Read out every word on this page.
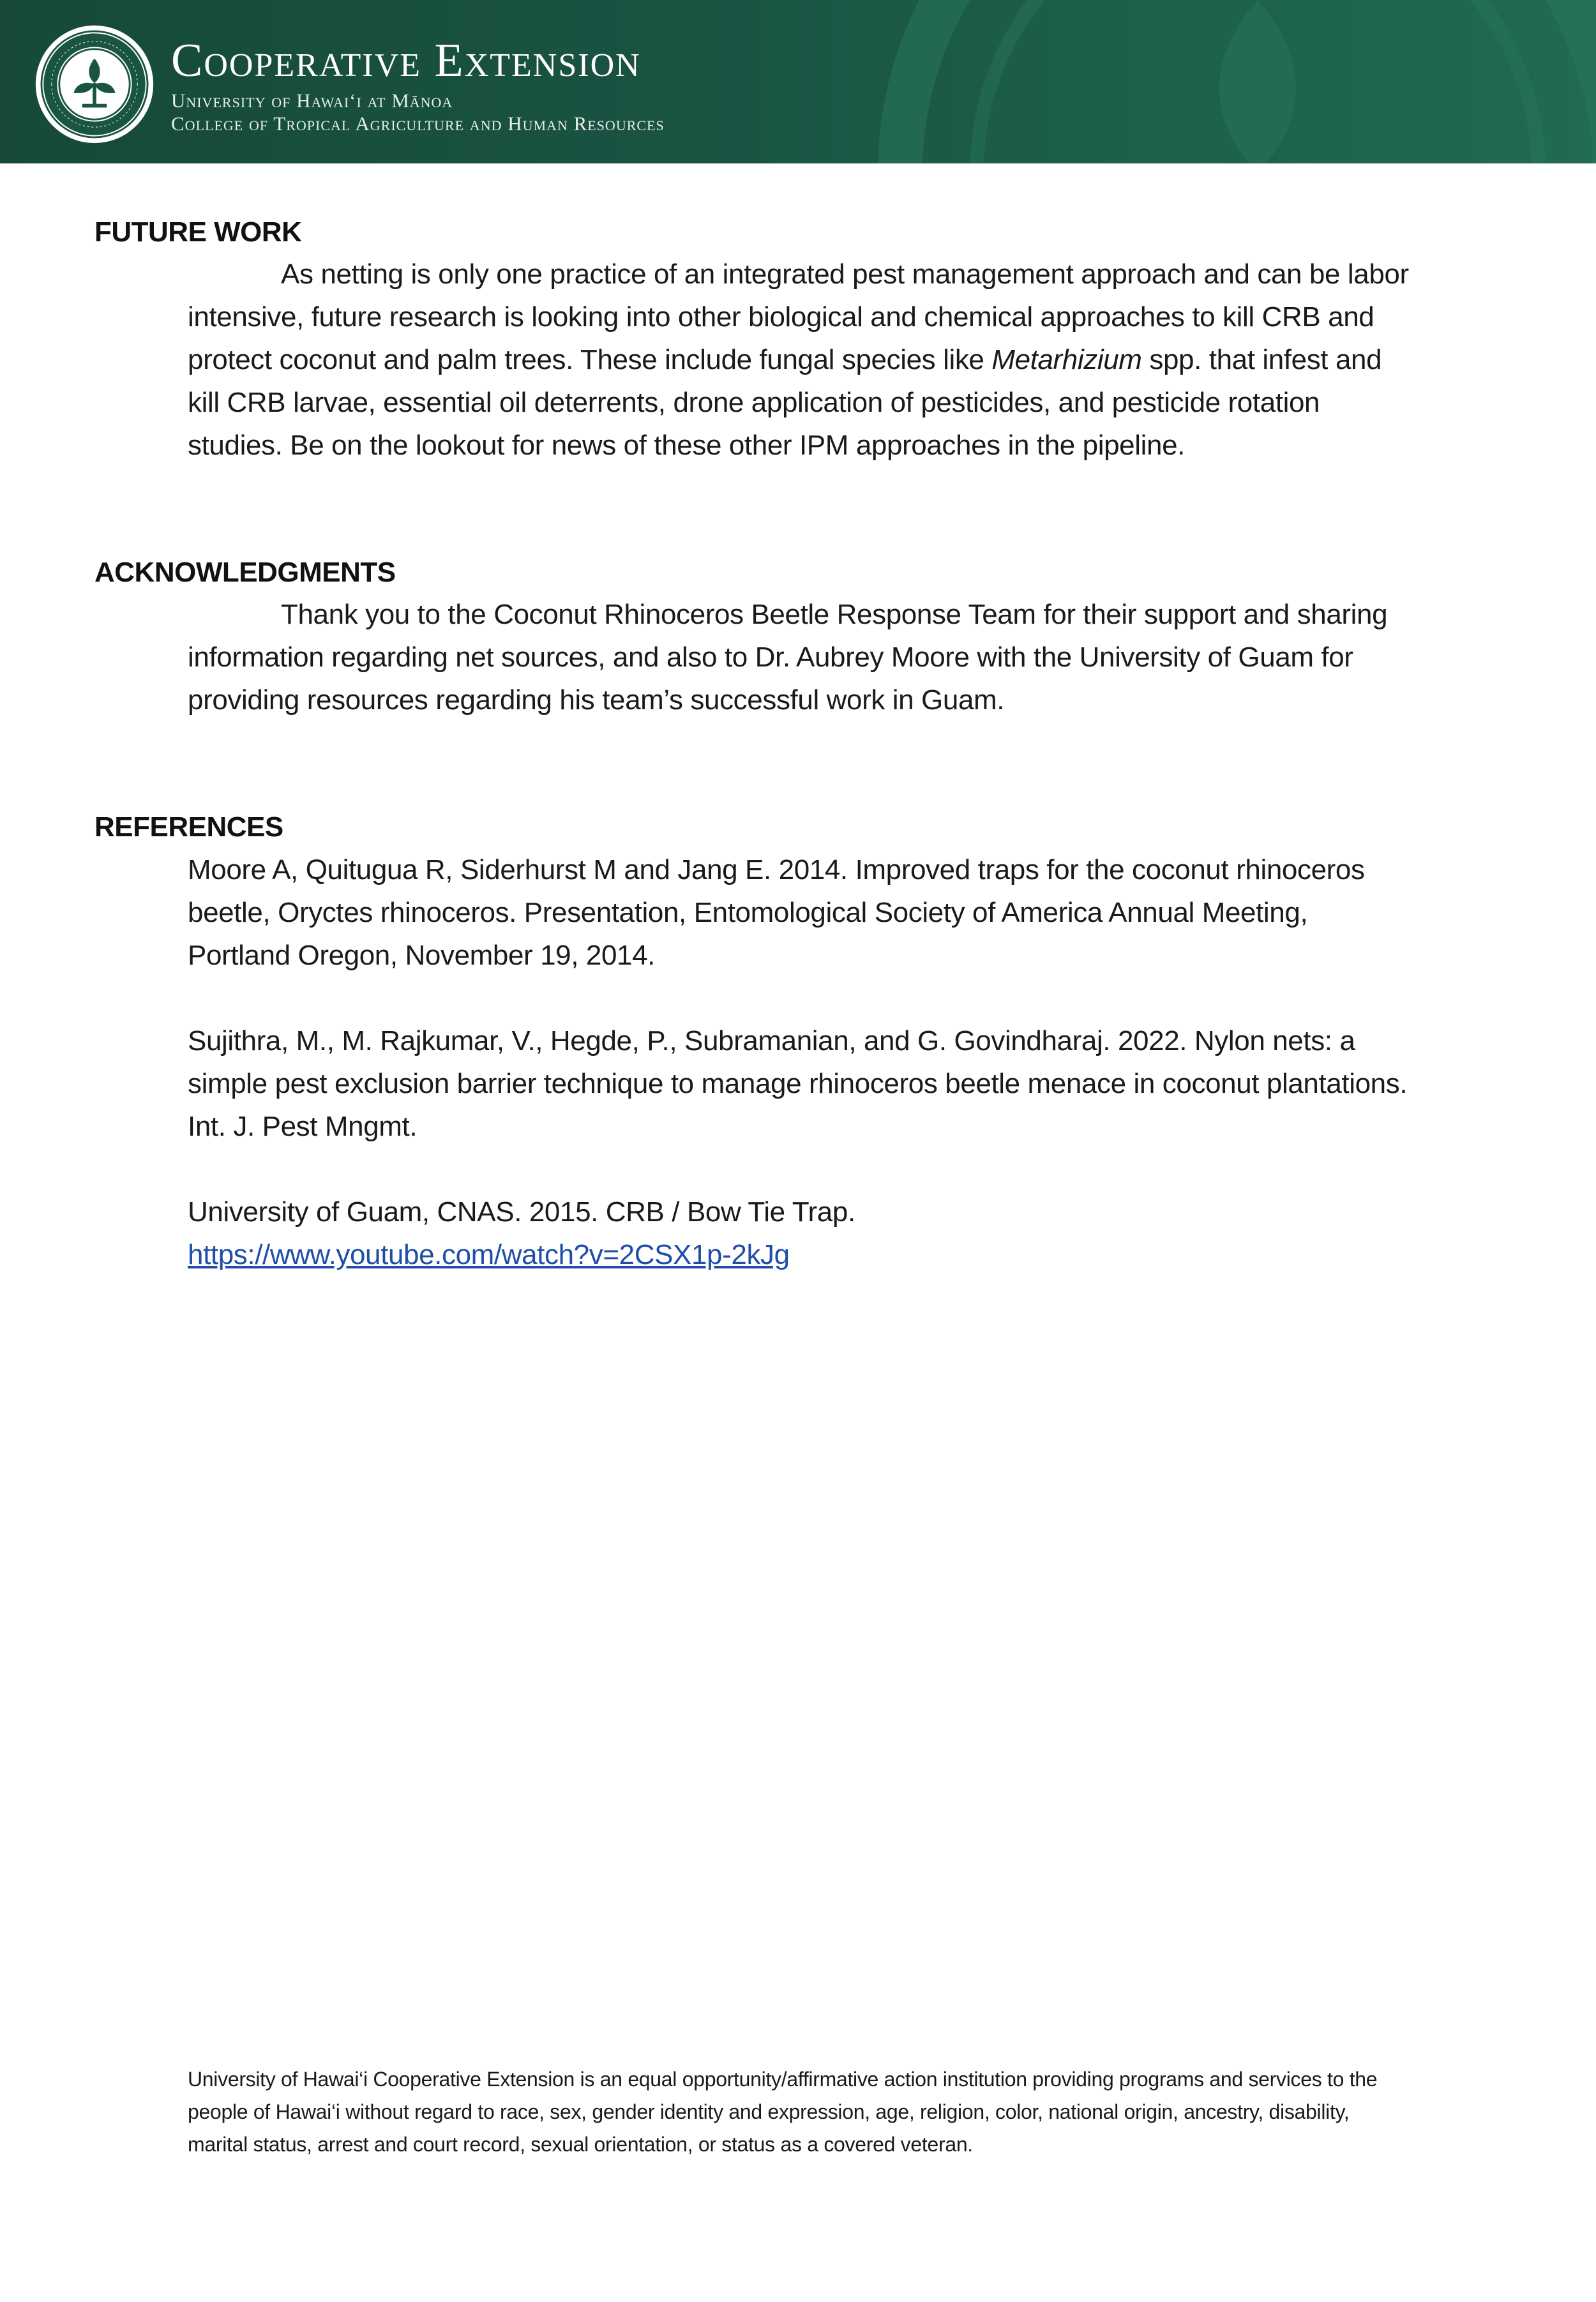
Cooperative Extension
University of Hawai‘i at Mānoa
College of Tropical Agriculture and Human Resources
FUTURE WORK
As netting is only one practice of an integrated pest management approach and can be labor intensive, future research is looking into other biological and chemical approaches to kill CRB and protect coconut and palm trees. These include fungal species like Metarhizium spp. that infest and kill CRB larvae, essential oil deterrents, drone application of pesticides, and pesticide rotation studies. Be on the lookout for news of these other IPM approaches in the pipeline.
ACKNOWLEDGMENTS
Thank you to the Coconut Rhinoceros Beetle Response Team for their support and sharing information regarding net sources, and also to Dr. Aubrey Moore with the University of Guam for providing resources regarding his team’s successful work in Guam.
REFERENCES
Moore A, Quitugua R, Siderhurst M and Jang E. 2014. Improved traps for the coconut rhinoceros beetle, Oryctes rhinoceros. Presentation, Entomological Society of America Annual Meeting, Portland Oregon, November 19, 2014.
Sujithra, M., M. Rajkumar, V., Hegde, P., Subramanian, and G. Govindharaj. 2022. Nylon nets: a simple pest exclusion barrier technique to manage rhinoceros beetle menace in coconut plantations. Int. J. Pest Mngmt.
University of Guam, CNAS. 2015. CRB / Bow Tie Trap.
https://www.youtube.com/watch?v=2CSX1p-2kJg
University of Hawai‘i Cooperative Extension is an equal opportunity/affirmative action institution providing programs and services to the people of Hawai‘i without regard to race, sex, gender identity and expression, age, religion, color, national origin, ancestry, disability, marital status, arrest and court record, sexual orientation, or status as a covered veteran.
